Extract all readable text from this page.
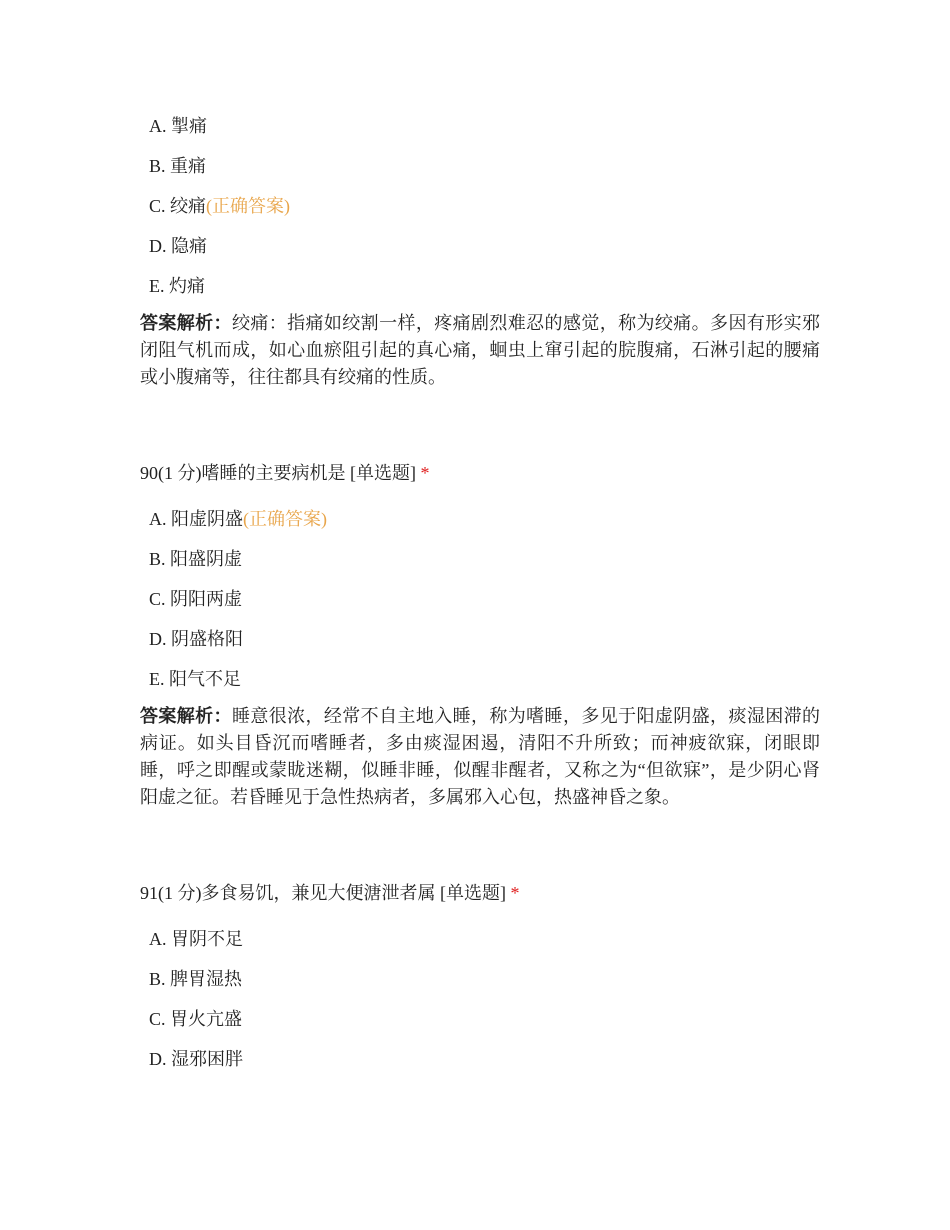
A. 掣痛
B. 重痛
C. 绞痛(正确答案)
D. 隐痛
E. 灼痛
答案解析：绞痛：指痛如绞割一样，疼痛剧烈难忍的感觉，称为绞痛。多因有形实邪闭阻气机而成，如心血瘀阻引起的真心痛，蛔虫上窜引起的脘腹痛，石淋引起的腰痛或小腹痛等，往往都具有绞痛的性质。
90(1 分)嗜睡的主要病机是 [单选题] *
A. 阳虚阴盛(正确答案)
B. 阳盛阴虚
C. 阴阳两虚
D. 阴盛格阳
E. 阳气不足
答案解析：睡意很浓，经常不自主地入睡，称为嗜睡，多见于阳虚阴盛，痰湿困滞的病证。如头目昏沉而嗜睡者，多由痰湿困遏，清阳不升所致；而神疲欲寐，闭眼即睡，呼之即醒或蒙眬迷糊，似睡非睡，似醒非醒者，又称之为“但欲寐”，是少阴心肾阳虚之征。若昏睡见于急性热病者，多属邪入心包，热盛神昏之象。
91(1 分)多食易饥，兼见大便溏泄者属 [单选题] *
A. 胃阴不足
B. 脾胃湿热
C. 胃火亢盛
D. 湿邪困胖
